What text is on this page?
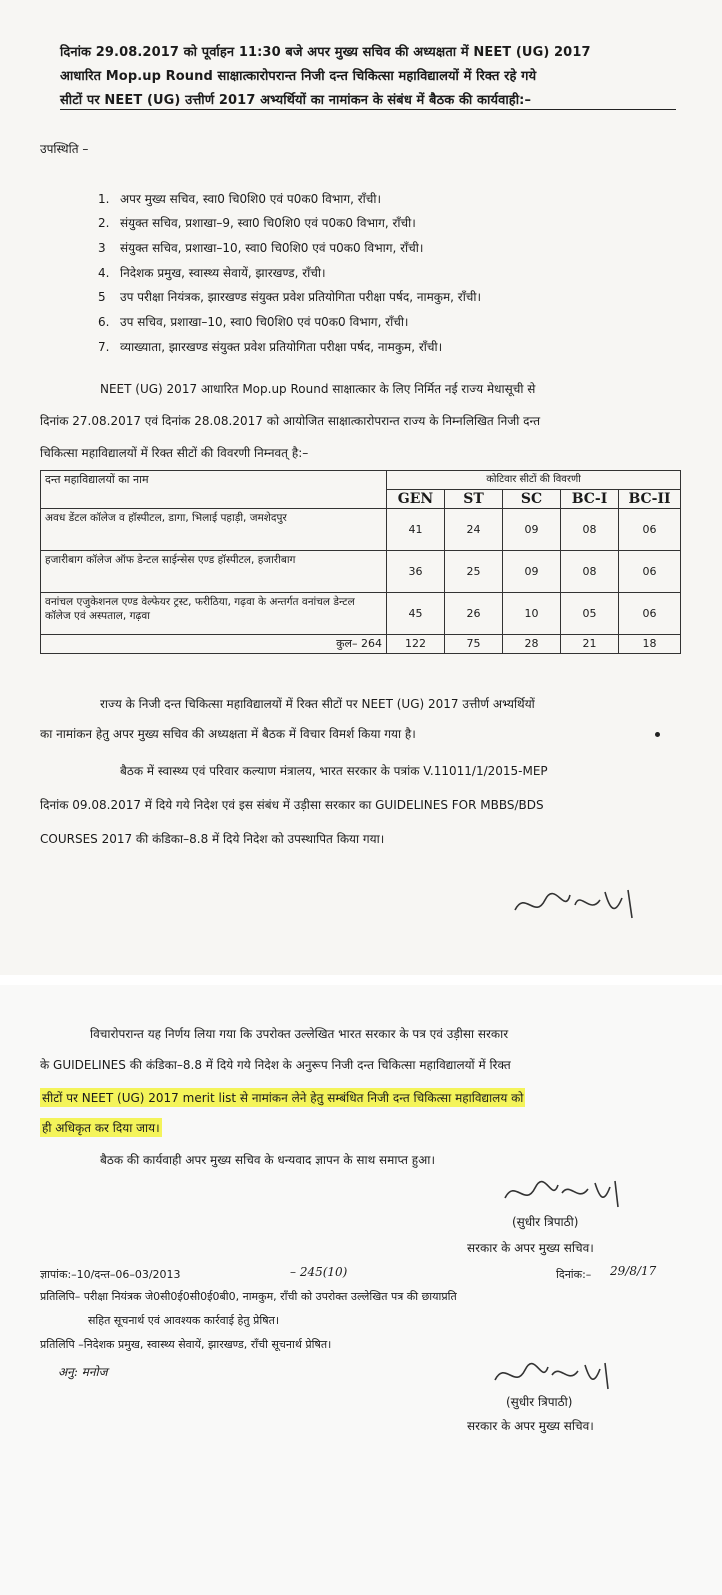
दिनांक 29.08.2017 को पूर्वाहन 11:30 बजे अपर मुख्य सचिव की अध्यक्षता में NEET (UG) 2017
आधारित Mop.up Round साक्षात्कारोपरान्त निजी दन्त चिकित्सा महाविद्यालयों में रिक्त रहे गये
सीटों पर NEET (UG) उत्तीर्ण 2017 अभ्यर्थियों का नामांकन के संबंध में बैठक की कार्यवाही:–
उपस्थिति –
1. अपर मुख्य सचिव, स्वा0 चि0शि0 एवं प0क0 विभाग, राँची।
2. संयुक्त सचिव, प्रशाखा–9, स्वा0 चि0शि0 एवं प0क0 विभाग, राँची।
3 संयुक्त सचिव, प्रशाखा–10, स्वा0 चि0शि0 एवं प0क0 विभाग, राँची।
4. निदेशक प्रमुख, स्वास्थ्य सेवायें, झारखण्ड, राँची।
5 उप परीक्षा नियंत्रक, झारखण्ड संयुक्त प्रवेश प्रतियोगिता परीक्षा पर्षद, नामकुम, राँची।
6. उप सचिव, प्रशाखा–10, स्वा0 चि0शि0 एवं प0क0 विभाग, राँची।
7. व्याख्याता, झारखण्ड संयुक्त प्रवेश प्रतियोगिता परीक्षा पर्षद, नामकुम, राँची।
NEET (UG) 2017 आधारित Mop.up Round साक्षात्कार के लिए निर्मित नई राज्य मेधासूची से
दिनांक 27.08.2017 एवं दिनांक 28.08.2017 को आयोजित साक्षात्कारोपरान्त राज्य के निम्नलिखित निजी दन्त
चिकित्सा महाविद्यालयों में रिक्त सीटों की विवरणी निम्नवत् है:–
दन्त महाविद्यालयों का नाम	कोटिवार सीटों की विवरणी				
	GEN	ST	SC	BC-I	BC-II
अवध डेंटल कॉलेज व हॉस्पीटल, डागा, भिलाई पहाड़ी, जमशेदपुर	41	24	09	08	06
हजारीबाग कॉलेज ऑफ डेन्टल साईन्सेस एण्ड हॉस्पीटल, हजारीबाग	36	25	09	08	06
वनांचल एजुकेशनल एण्ड वेल्फेयर ट्रस्ट, फरीठिया, गढ़वा के अन्तर्गत वनांचल डेन्टल कॉलेज एवं अस्पताल, गढ़वा	45	26	10	05	06
कुल– 264	122	75	28	21	18
राज्य के निजी दन्त चिकित्सा महाविद्यालयों में रिक्त सीटों पर NEET (UG) 2017 उत्तीर्ण अभ्यर्थियों
का नामांकन हेतु अपर मुख्य सचिव की अध्यक्षता में बैठक में विचार विमर्श किया गया है।
बैठक में स्वास्थ्य एवं परिवार कल्याण मंत्रालय, भारत सरकार के पत्रांक V.11011/1/2015-MEP
दिनांक 09.08.2017 में दिये गये निदेश एवं इस संबंध में उड़ीसा सरकार का GUIDELINES FOR MBBS/BDS
COURSES 2017 की कंडिका–8.8 में दिये निदेश को उपस्थापित किया गया।
विचारोपरान्त यह निर्णय लिया गया कि उपरोक्त उल्लेखित भारत सरकार के पत्र एवं उड़ीसा सरकार
के GUIDELINES की कंडिका–8.8 में दिये गये निदेश के अनुरूप निजी दन्त चिकित्सा महाविद्यालयों में रिक्त
सीटों पर NEET (UG) 2017 merit list से नामांकन लेने हेतु सम्बंधित निजी दन्त चिकित्सा महाविद्यालय को
ही अधिकृत कर दिया जाय।
बैठक की कार्यवाही अपर मुख्य सचिव के धन्यवाद ज्ञापन के साथ समाप्त हुआ।
(सुधीर त्रिपाठी)
सरकार के अपर मुख्य सचिव।
ज्ञापांक:–10/दन्त–06–03/2013	– 245(10)	दिनांक:– 29/8/17
प्रतिलिपि– परीक्षा नियंत्रक जे0सी0ई0सी0ई0बी0, नामकुम, राँची को उपरोक्त उल्लेखित पत्र की छायाप्रति
सहित सूचनार्थ एवं आवश्यक कार्रवाई हेतु प्रेषित।
प्रतिलिपि –निदेशक प्रमुख, स्वास्थ्य सेवायें, झारखण्ड, राँची सूचनार्थ प्रेषित।
अनु: मनोज
(सुधीर त्रिपाठी)
सरकार के अपर मुख्य सचिव।
